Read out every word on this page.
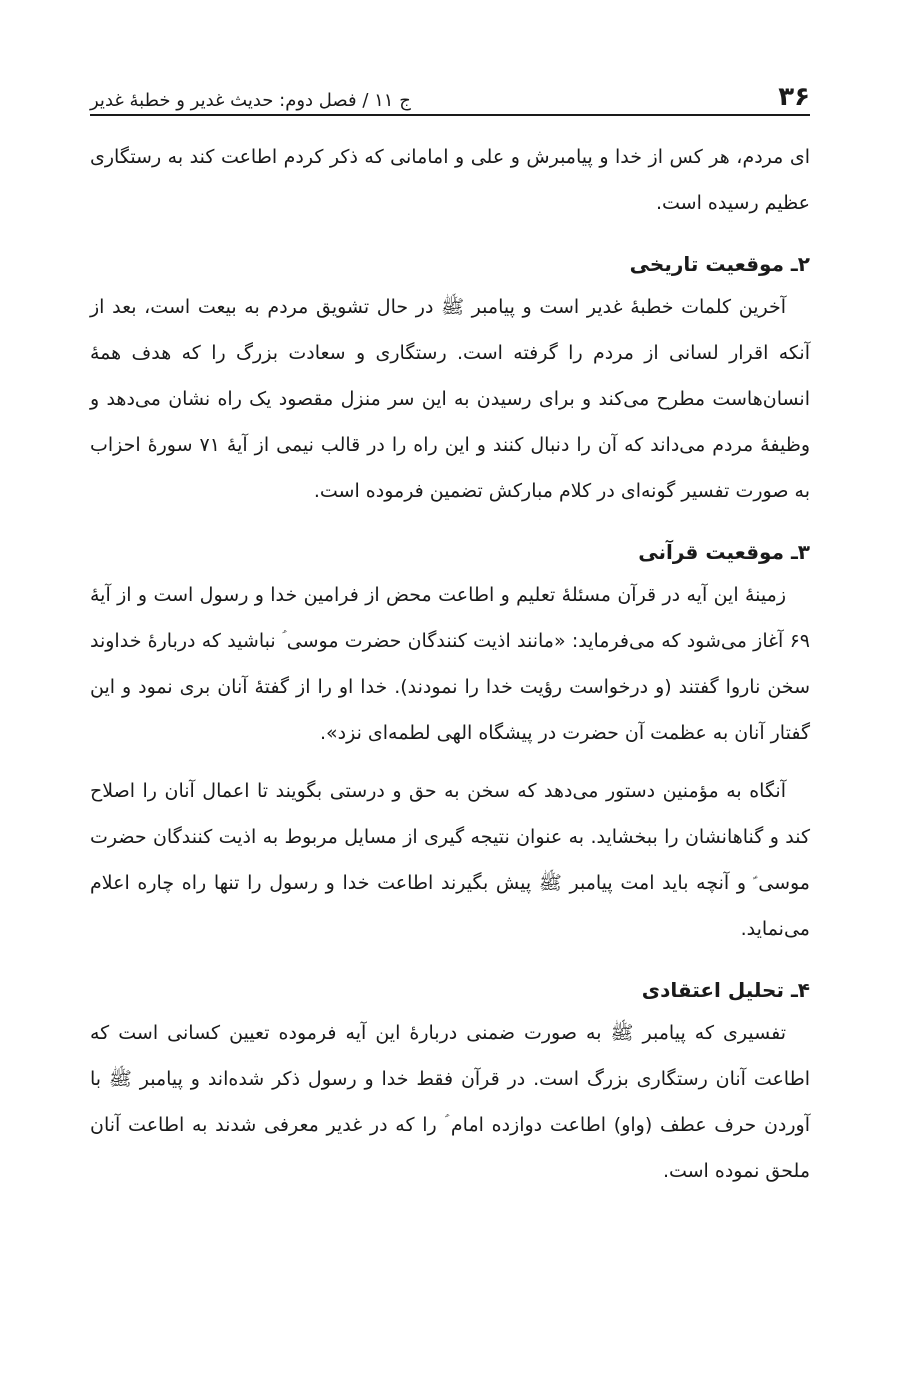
۳۶
ج ۱۱ / فصل دوم: حدیث غدیر و خطبهٔ غدیر

ای مردم، هر کس از خدا و پیامبرش و علی و امامانی که ذکر کردم اطاعت کند به رستگاری عظیم رسیده است.

۲ـ موقعیت تاریخی

آخرین کلمات خطبهٔ غدیر است و پیامبر ﷺ در حال تشویق مردم به بیعت است، بعد از آنکه اقرار لسانی از مردم را گرفته است. رستگاری و سعادت بزرگ را که هدف همهٔ انسان‌هاست مطرح می‌کند و برای رسیدن به این سر منزل مقصود یک راه نشان می‌دهد و وظیفهٔ مردم می‌داند که آن را دنبال کنند و این راه را در قالب نیمی از آیهٔ ۷۱ سورهٔ احزاب به صورت تفسیر گونه‌ای در کلام مبارکش تضمین فرموده است.

۳ـ موقعیت قرآنی

زمینهٔ این آیه در قرآن مسئلهٔ تعلیم و اطاعت محض از فرامین خدا و رسول است و از آیهٔ ۶۹ آغاز می‌شود که می‌فرماید: «مانند اذیت کنندگان حضرت موسی ؑ نباشید که دربارهٔ خداوند سخن ناروا گفتند (و درخواست رؤیت خدا را نمودند). خدا او را از گفتهٔ آنان بری نمود و این گفتار آنان به عظمت آن حضرت در پیشگاه الهی لطمه‌ای نزد».

آنگاه به مؤمنین دستور می‌دهد که سخن به حق و درستی بگویند تا اعمال آنان را اصلاح کند و گناهانشان را ببخشاید. به عنوان نتیجه گیری از مسایل مربوط به اذیت کنندگان حضرت موسی ؑ و آنچه باید امت پیامبر ﷺ پیش بگیرند اطاعت خدا و رسول را تنها راه چاره اعلام می‌نماید.

۴ـ تحلیل اعتقادی

تفسیری که پیامبر ﷺ به صورت ضمنی دربارهٔ این آیه فرموده تعیین کسانی است که اطاعت آنان رستگاری بزرگ است. در قرآن فقط خدا و رسول ذکر شده‌اند و پیامبر ﷺ با آوردن حرف عطف (واو) اطاعت دوازده امام ؑ را که در غدیر معرفی شدند به اطاعت آنان ملحق نموده است.
